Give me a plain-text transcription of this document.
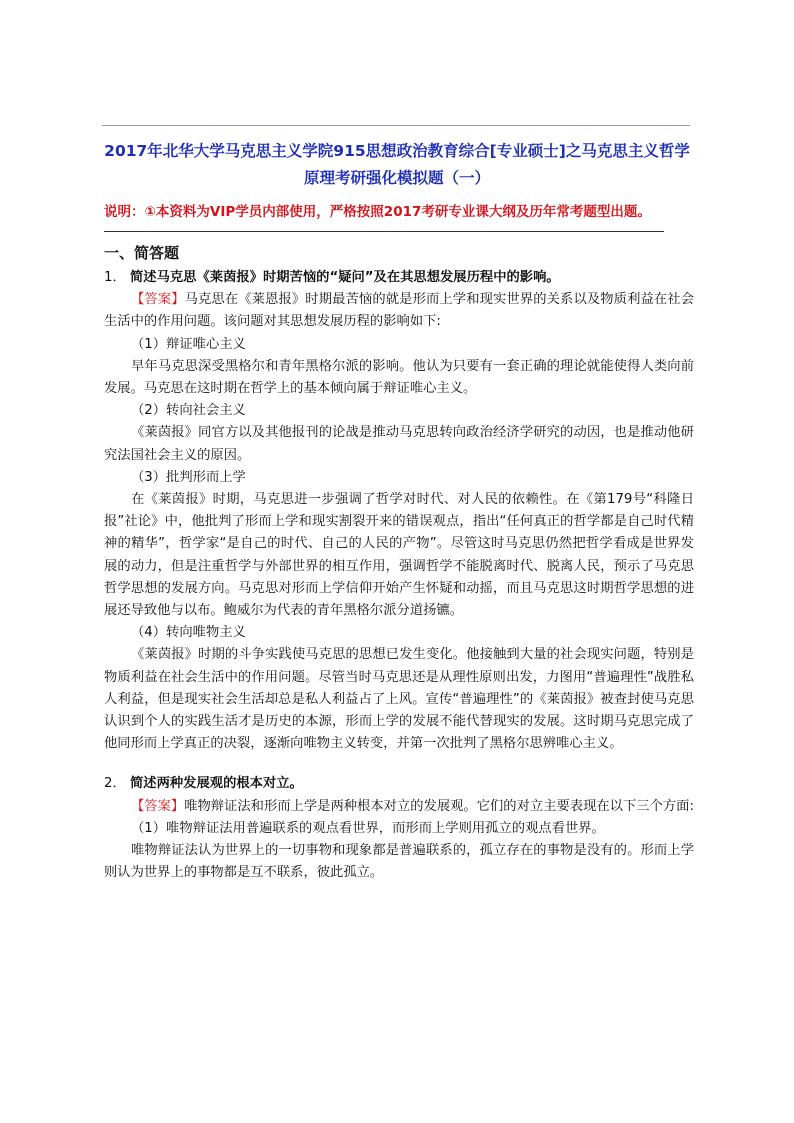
2017年北华大学马克思主义学院915思想政治教育综合[专业硕士]之马克思主义哲学
原理考研强化模拟题（一）
说明：①本资料为VIP学员内部使用，严格按照2017考研专业课大纲及历年常考题型出题。
一、简答题

1． 简述马克思《莱茵报》时期苦恼的“疑问”及在其思想发展历程中的影响。

【答案】马克思在《莱恩报》时期最苦恼的就是形而上学和现实世界的关系以及物质利益在社会生活中的作用问题。该问题对其思想发展历程的影响如下:

（1）辩证唯心主义

早年马克思深受黑格尔和青年黑格尔派的影响。他认为只要有一套正确的理论就能使得人类向前发展。马克思在这时期在哲学上的基本倾向属于辩证唯心主义。

（2）转向社会主义

《莱茵报》同官方以及其他报刊的论战是推动马克思转向政治经济学研究的动因，也是推动他研究法国社会主义的原因。

（3）批判形而上学

在《莱茵报》时期，马克思进一步强调了哲学对时代、对人民的依赖性。在《第179号“科隆日报”社论》中，他批判了形而上学和现实割裂开来的错误观点，指出“任何真正的哲学都是自己时代精神的精华”，哲学家“是自己的时代、自己的人民的产物”。尽管这时马克思仍然把哲学看成是世界发展的动力，但是注重哲学与外部世界的相互作用，强调哲学不能脱离时代、脱离人民，预示了马克思哲学思想的发展方向。马克思对形而上学信仰开始产生怀疑和动摇，而且马克思这时期哲学思想的进展还导致他与以布。鲍威尔为代表的青年黑格尔派分道扬镳。

（4）转向唯物主义

《莱茵报》时期的斗争实践使马克思的思想已发生变化。他接触到大量的社会现实问题，特别是物质利益在社会生活中的作用问题。尽管当时马克思还是从理性原则出发，力图用“普遍理性”战胜私人利益，但是现实社会生活却总是私人利益占了上风。宣传“普遍理性”的《莱茵报》被查封使马克思认识到个人的实践生活才是历史的本源，形而上学的发展不能代替现实的发展。这时期马克思完成了他同形而上学真正的决裂，逐渐向唯物主义转变，并第一次批判了黑格尔思辨唯心主义。

2． 简述两种发展观的根本对立。

【答案】唯物辩证法和形而上学是两种根本对立的发展观。它们的对立主要表现在以下三个方面:

（1）唯物辩证法用普遍联系的观点看世界，而形而上学则用孤立的观点看世界。

唯物辩证法认为世界上的一切事物和现象都是普遍联系的，孤立存在的事物是没有的。形而上学则认为世界上的事物都是互不联系，彼此孤立。
